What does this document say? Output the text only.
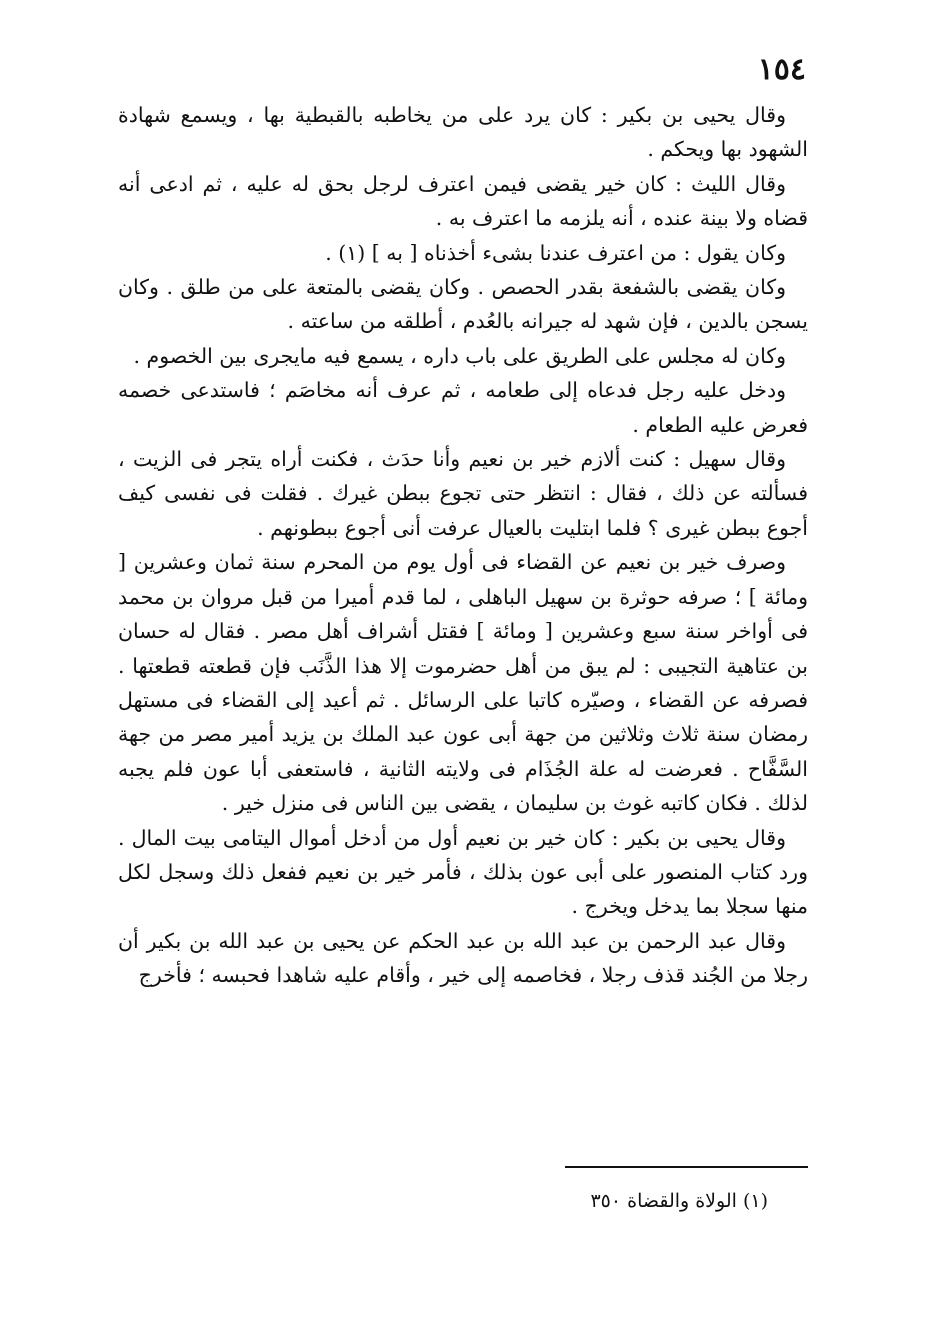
١٥٤

وقال يحيى بن بكير : كان يرد على من يخاطبه بالقبطية بها ، ويسمع شهادة الشهود بها ويحكم .

وقال الليث : كان خير يقضى فيمن اعترف لرجل بحق له عليه ، ثم ادعى أنه قضاه ولا بينة عنده ، أنه يلزمه ما اعترف به .

وكان يقول : من اعترف عندنا بشىء أخذناه [ به ] (١) .

وكان يقضى بالشفعة بقدر الحصص . وكان يقضى بالمتعة على من طلق . وكان يسجن بالدين ، فإن شهد له جيرانه بالعُدم ، أطلقه من ساعته .

وكان له مجلس على الطريق على باب داره ، يسمع فيه مايجرى بين الخصوم .

ودخل عليه رجل فدعاه إلى طعامه ، ثم عرف أنه مخاصَم ؛ فاستدعى خصمه فعرض عليه الطعام .

وقال سهيل : كنت ألازم خير بن نعيم وأنا حدَث ، فكنت أراه يتجر فى الزيت ، فسألته عن ذلك ، فقال : انتظر حتى تجوع ببطن غيرك . فقلت فى نفسى كيف أجوع ببطن غيرى ؟ فلما ابتليت بالعيال عرفت أنى أجوع ببطونهم .

وصرف خير بن نعيم عن القضاء فى أول يوم من المحرم سنة ثمان وعشرين [ ومائة ] ؛ صرفه حوثرة بن سهيل الباهلى ، لما قدم أميرا من قبل مروان بن محمد فى أواخر سنة سبع وعشرين [ ومائة ] فقتل أشراف أهل مصر . فقال له حسان بن عتاهية التجيبى : لم يبق من أهل حضرموت إلا هذا الذَّنَب فإن قطعته قطعتها . فصرفه عن القضاء ، وصيّره كاتبا على الرسائل . ثم أعيد إلى القضاء فى مستهل رمضان سنة ثلاث وثلاثين من جهة أبى عون عبد الملك بن يزيد أمير مصر من جهة السَّفَّاح . فعرضت له علة الجُذَام فى ولايته الثانية ، فاستعفى أبا عون فلم يجبه لذلك . فكان كاتبه غوث بن سليمان ، يقضى بين الناس فى منزل خير .

وقال يحيى بن بكير : كان خير بن نعيم أول من أدخل أموال اليتامى بيت المال . ورد كتاب المنصور على أبى عون بذلك ، فأمر خير بن نعيم ففعل ذلك وسجل لكل منها سجلا بما يدخل ويخرج .

وقال عبد الرحمن بن عبد الله بن عبد الحكم عن يحيى بن عبد الله بن بكير أن رجلا من الجُند قذف رجلا ، فخاصمه إلى خير ، وأقام عليه شاهدا فحبسه ؛ فأخرج

(١) الولاة والقضاة ٣٥٠
